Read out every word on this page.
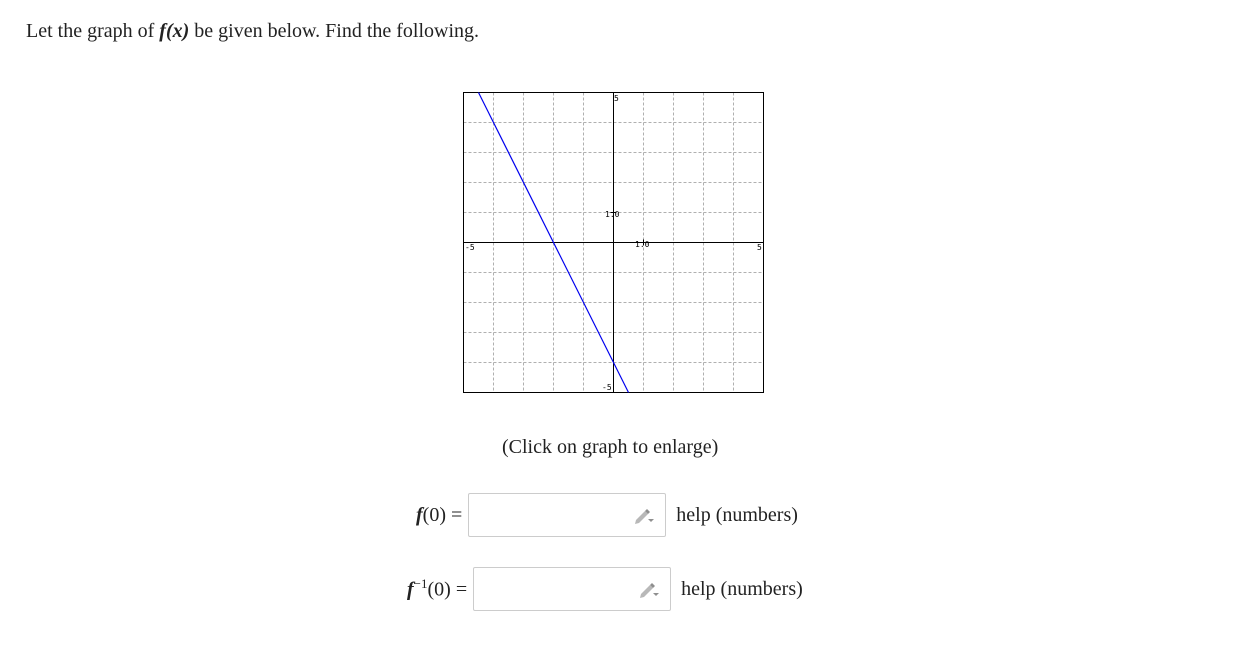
Let the graph of f(x) be given below. Find the following.
-5	5
5
-5
1.0
1.0
(Click on graph to enlarge)
f(0) =	help (numbers)
$f^{-1}(0)$ =	help (numbers)
